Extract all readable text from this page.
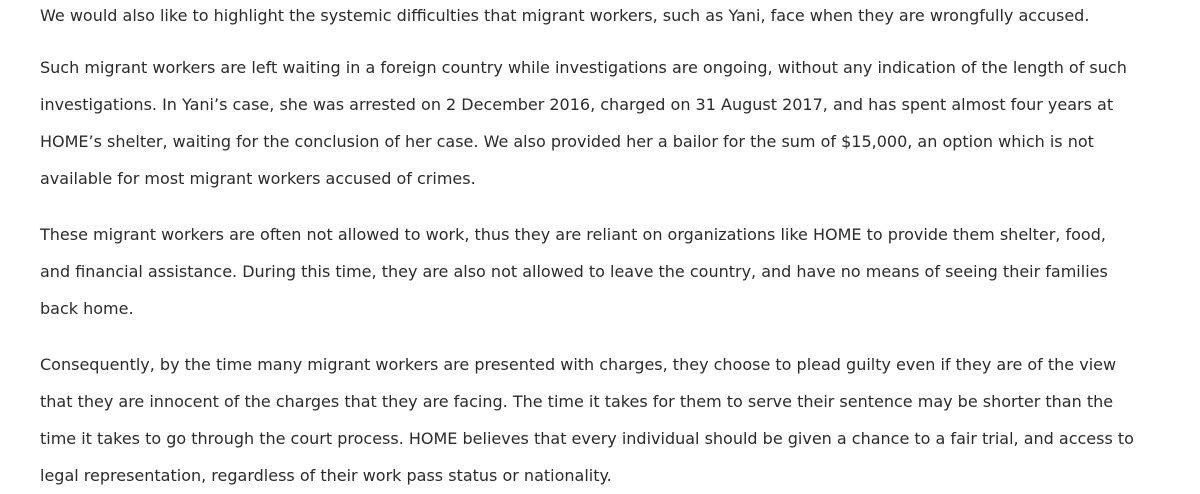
We would also like to highlight the systemic difficulties that migrant workers, such as Yani, face when they are wrongfully accused.

Such migrant workers are left waiting in a foreign country while investigations are ongoing, without any indication of the length of such investigations. In Yani’s case, she was arrested on 2 December 2016, charged on 31 August 2017, and has spent almost four years at HOME’s shelter, waiting for the conclusion of her case. We also provided her a bailor for the sum of $15,000, an option which is not available for most migrant workers accused of crimes.

These migrant workers are often not allowed to work, thus they are reliant on organizations like HOME to provide them shelter, food, and financial assistance. During this time, they are also not allowed to leave the country, and have no means of seeing their families back home.

Consequently, by the time many migrant workers are presented with charges, they choose to plead guilty even if they are of the view that they are innocent of the charges that they are facing. The time it takes for them to serve their sentence may be shorter than the time it takes to go through the court process. HOME believes that every individual should be given a chance to a fair trial, and access to legal representation, regardless of their work pass status or nationality.
